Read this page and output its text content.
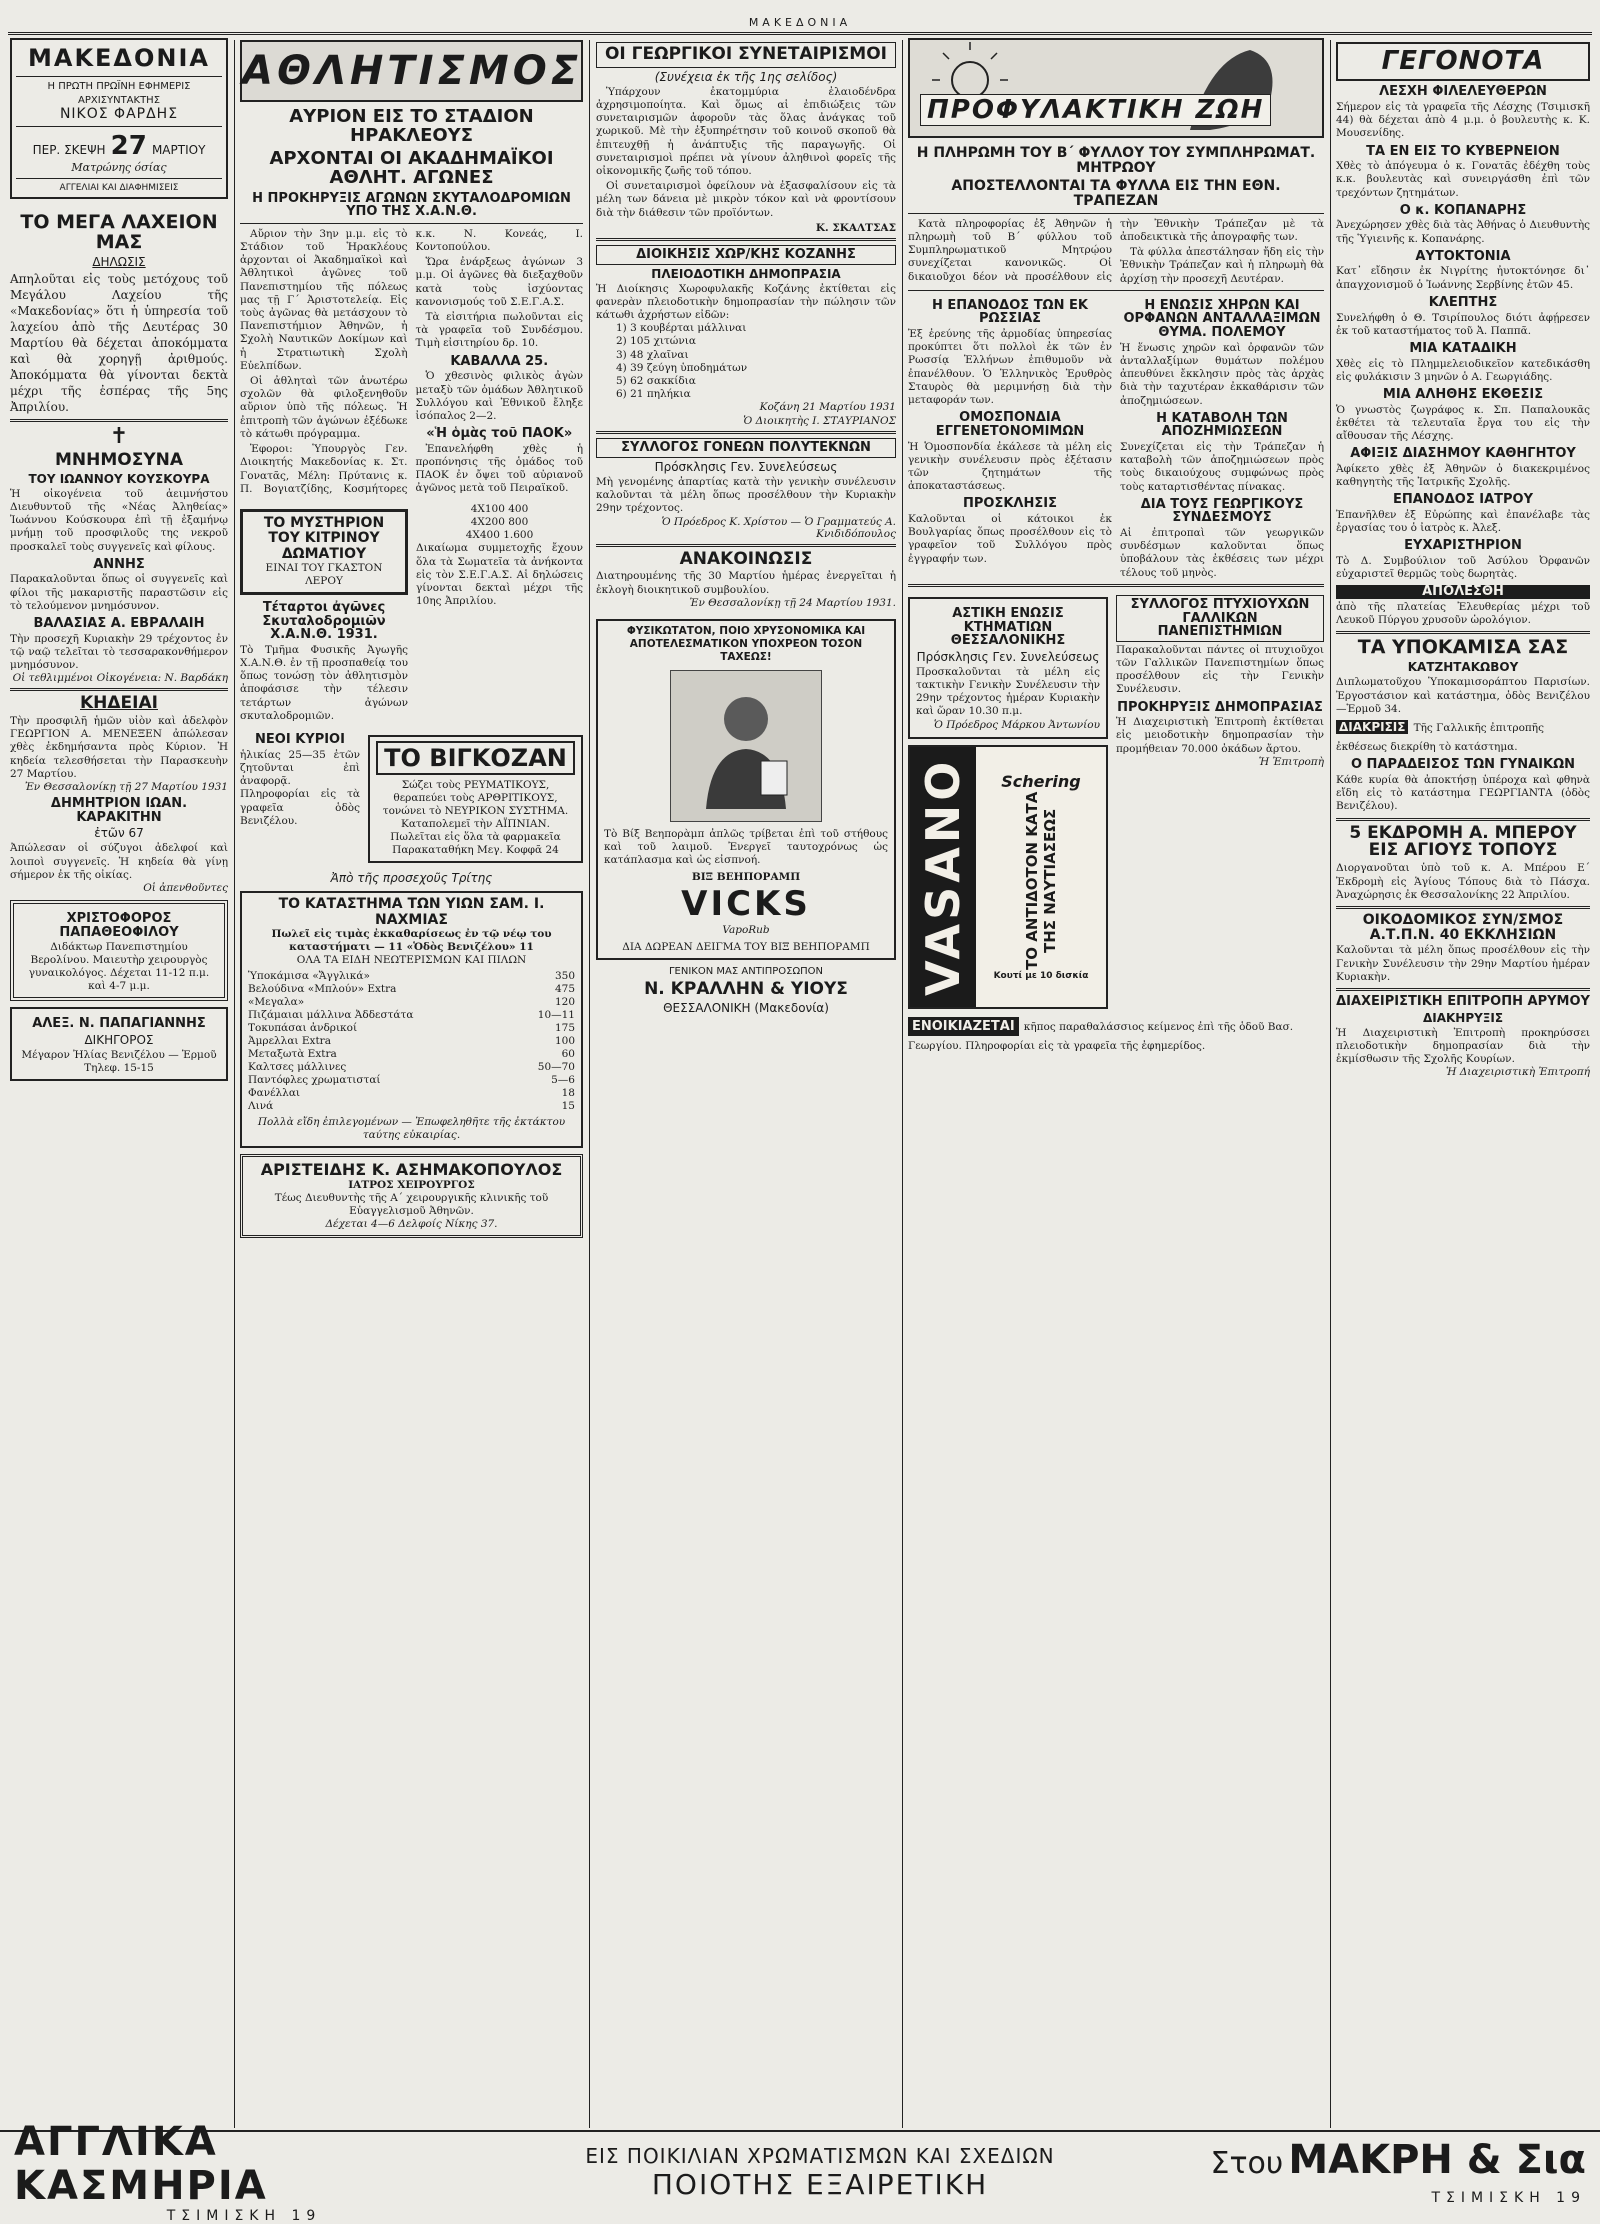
ΜΑΚΕΔΟΝΙΑ
ΜΑΚΕΔΟΝΙΑ
Η ΠΡΩΤΗ ΠΡΩΪΝΗ ΕΦΗΜΕΡΙΣ
ΑΡΧΙΣΥΝΤΑΚΤΗΣ
ΝΙΚΟΣ ΦΑΡΔΗΣ
ΠΕΡ. ΣΚΕΨΗ 27 ΜΑΡΤΙΟΥ
Ματρώνης όσίας
ΑΓΓΕΛΙΑΙ ΚΑΙ ΔΙΑΦΗΜΙΣΕΙΣ
ΤΟ ΜΕΓΑ ΛΑΧΕΙΟΝ ΜΑΣ
ΔΗΛΩΣΙΣ
Απηλοῦται εἰς τοὺς μετόχους τοῦ Μεγάλου Λαχείου τῆς «Μακεδονίας» ὅτι ἡ ὑπηρεσία τοῦ λαχείου ἀπὸ τῆς Δευτέρας 30 Μαρτίου θὰ δέχεται ἀποκόμματα καὶ θὰ χορηγῇ ἀριθμούς. Ἀποκόμματα θὰ γίνονται δεκτὰ μέχρι τῆς ἐσπέρας τῆς 5ης Ἀπριλίου.
✝
ΜΝΗΜΟΣΥΝΑ
ΤΟΥ ΙΩΑΝΝΟΥ ΚΟΥΣΚΟΥΡΑ
Ἡ οἰκογένεια τοῦ ἀειμνήστου Διευθυντοῦ τῆς «Νέας Ἀληθείας» Ἰωάννου Κούσκουρα ἐπὶ τῇ ἐξαμήνῳ μνήμῃ τοῦ προσφιλοῦς της νεκροῦ προσκαλεῖ τοὺς συγγενεῖς καὶ φίλους.
ΑΝΝΗΣ
Παρακαλοῦνται ὅπως οἱ συγγενεῖς καὶ φίλοι τῆς μακαριστῆς παραστῶσιν εἰς τὸ τελούμενον μνημόσυνον.
ΒΑΛΑΣΙΑΣ Α. ΕΒΡΑΛΑΙΗ
Τὴν προσεχῆ Κυριακὴν 29 τρέχοντος ἐν τῷ ναῷ τελεῖται τὸ τεσσαρακονθήμερον μνημόσυνον.
Οἱ τεθλιμμένοι Οἰκογένεια: Ν. Βαρδάκη
ΚΗΔΕΙΑΙ
Τὴν προσφιλῆ ἡμῶν υἱὸν καὶ ἀδελφὸν ΓΕΩΡΓΙΟΝ Α. ΜΕΝΕΞΕΝ ἀπώλεσαν χθὲς ἐκδημήσαντα πρὸς Κύριον. Ἡ κηδεία τελεσθήσεται τὴν Παρασκευὴν 27 Μαρτίου.
Ἐν Θεσσαλονίκῃ τῇ 27 Μαρτίου 1931
ΔΗΜΗΤΡΙΟΝ ΙΩΑΝ. ΚΑΡΑΚΙΤΗΝ
ἐτῶν 67
Ἀπώλεσαν οἱ σύζυγοι ἀδελφοί καὶ λοιποὶ συγγενεῖς. Ἡ κηδεία θὰ γίνῃ σήμερον ἐκ τῆς οἰκίας.
Οἱ ἀπενθοῦντες
ΧΡΙΣΤΟΦΟΡΟΣ ΠΑΠΑΘΕΟΦΙΛΟΥ
Διδάκτωρ Πανεπιστημίου Βερολίνου. Μαιευτὴρ χειρουργὸς γυναικολόγος. Δέχεται 11-12 π.μ. καὶ 4-7 μ.μ.
ΑΛΕΞ. Ν. ΠΑΠΑΓΙΑΝΝΗΣ
ΔΙΚΗΓΟΡΟΣ
Μέγαρον Ἠλίας Βενιζέλου — Ἑρμοῦ Τηλεφ. 15-15
ΑΘΛΗΤΙΣΜΟΣ
ΑΥΡΙΟΝ ΕΙΣ ΤΟ ΣΤΑΔΙΟΝ ΗΡΑΚΛΕΟΥΣ
ΑΡΧΟΝΤΑΙ ΟΙ ΑΚΑΔΗΜΑΪΚΟΙ ΑΘΛΗΤ. ΑΓΩΝΕΣ
Η ΠΡΟΚΗΡΥΞΙΣ ΑΓΩΝΩΝ ΣΚΥΤΑΛΟΔΡΟΜΙΩΝ ΥΠΟ ΤΗΣ Χ.Α.Ν.Θ.

Αὔριον τὴν 3ην μ.μ. εἰς τὸ Στάδιον τοῦ Ἡρακλέους ἀρχονται οἱ Ἀκαδημαϊκοὶ καὶ Ἀθλητικοὶ ἀγῶνες τοῦ Πανεπιστημίου τῆς πόλεως μας τῇ Γ΄ Ἀριστοτελείᾳ. Εἰς τοὺς ἀγῶνας θὰ μετάσχουν τὸ Πανεπιστήμιον Ἀθηνῶν, ἡ Σχολὴ Ναυτικῶν Δοκίμων καὶ ἡ Στρατιωτικὴ Σχολὴ Εὐελπίδων.

Οἱ ἀθληταὶ τῶν ἀνωτέρω σχολῶν θὰ φιλοξενηθοῦν αὔριον ὑπὸ τῆς πόλεως. Ἡ ἐπιτροπὴ τῶν ἀγώνων ἐξέδωκε τὸ κάτωθι πρόγραμμα.

Ἑφοροι: Ὑπουργὸς Γεν. Διοικητής Μακεδονίας κ. Στ. Γονατᾶς, Μέλη: Πρύτανις κ. Π. Βογιατζίδης, Κοσμήτορες κ.κ. Ν. Κονεάς, Ι. Κοντοπούλου.

Ὥρα ἐνάρξεως ἀγώνων 3 μ.μ. Οἱ ἀγῶνες θὰ διεξαχθοῦν κατὰ τοὺς ἰσχύοντας κανονισμούς τοῦ Σ.Ε.Γ.Α.Σ.

Τὰ εἰσιτήρια πωλοῦνται εἰς τὰ γραφεῖα τοῦ Συνδέσμου. Τιμὴ εἰσιτηρίου δρ. 10.

ΚΑΒΑΛΛΑ 25.

Ὁ χθεσινὸς φιλικὸς ἀγὼν μεταξὺ τῶν ὁμάδων Ἀθλητικοῦ Συλλόγου καὶ Ἐθνικοῦ ἔληξε ἰσόπαλος 2—2.

«Ἡ ὁμὰς τοῦ ΠΑΟΚ»

Ἐπανελήφθη χθὲς ἡ προπόνησις τῆς ὁμάδος τοῦ ΠΑΟΚ ἐν ὄψει τοῦ αὐριανοῦ ἀγῶνος μετὰ τοῦ Πειραϊκοῦ.

ΤΟ ΜΥΣΤΗΡΙΟΝ ΤΟΥ ΚΙΤΡΙΝΟΥ ΔΩΜΑΤΙΟΥ
ΕΙΝΑΙ ΤΟΥ ΓΚΑΣΤΟΝ ΛΕΡΟΥ
Τέταρτοι ἀγῶνες Σκυταλοδρομιῶν Χ.Α.Ν.Θ. 1931.
Τὸ Τμῆμα Φυσικῆς Ἀγωγῆς Χ.Α.Ν.Θ. ἐν τῇ προσπαθείᾳ του ὅπως τονώσῃ τὸν ἀθλητισμὸν ἀποφάσισε τὴν τέλεσιν τετάρτων ἀγώνων σκυταλοδρομιῶν.
4Χ100 400
4Χ200 800
4Χ400 1.600
Δικαίωμα συμμετοχῆς ἔχουν ὅλα τὰ Σωματεῖα τὰ ἀνήκοντα εἰς τὸν Σ.Ε.Γ.Α.Σ. Αἱ δηλώσεις γίνονται δεκταὶ μέχρι τῆς 10ης Ἀπριλίου.
ΝΕΟΙ ΚΥΡΙΟΙ
ἡλικίας 25—35 ἐτῶν ζητοῦνται ἐπὶ ἀναφορᾷ. Πληροφορίαι εἰς τὰ γραφεῖα ὁδὸς Βενιζέλου.
ΤΟ ΒΙΓΚΟΖΑΝ
Σώζει τοὺς ΡΕΥΜΑΤΙΚΟΥΣ, θεραπεύει τοὺς ΑΡΘΡΙΤΙΚΟΥΣ, τονώνει τὸ ΝΕΥΡΙΚΟΝ ΣΥΣΤΗΜΑ. Καταπολεμεῖ τὴν ΑΪΠΝΙΑΝ.
Πωλεῖται εἰς ὅλα τὰ φαρμακεῖα
Παρακαταθήκη Μεγ. Κοφφᾶ 24
Ἀπὸ τῆς προσεχοῦς Τρίτης
ΤΟ ΚΑΤΑΣΤΗΜΑ ΤΩΝ ΥΙΩΝ ΣΑΜ. Ι. ΝΑΧΜΙΑΣ
Πωλεῖ εἰς τιμὰς ἐκκαθαρίσεως ἐν τῷ νέῳ του καταστήματι — 11 «Ὁδὸς Βενιζέλου» 11
ΟΛΑ ΤΑ ΕΙΔΗ ΝΕΩΤΕΡΙΣΜΩΝ ΚΑΙ ΠΙΛΩΝ
Ὑποκάμισα «Ἄγγλικά»	350
Βελούδινα «Μπλούν» Extra	475
«Μεγαλα»	120
Πιζάμαιαι μάλλινα Ἀδδεστάτα	10—11
Τοκυπάσαι ἀνδρικοί	175
Ἀμρελλαι Extra	100
Μεταξωτὰ Extra	60
Καλτσες μάλλινες	50—70
Παντόφλες χρωματισταί	5—6
Φανέλλαι	18
Λινά	15
Πολλὰ εἴδη ἐπιλεγομένων — Ἐπωφεληθῆτε τῆς ἐκτάκτου ταύτης εὐκαιρίας.
ΑΡΙΣΤΕΙΔΗΣ Κ. ΑΣΗΜΑΚΟΠΟΥΛΟΣ
ΙΑΤΡΟΣ ΧΕΙΡΟΥΡΓΟΣ
Τέως Διευθυντὴς τῆς Α΄ χειρουργικῆς κλινικῆς τοῦ Εὐαγγελισμοῦ Ἀθηνῶν.
Δέχεται 4—6 Δελφοίς Νίκης 37.
ΟΙ ΓΕΩΡΓΙΚΟΙ ΣΥΝΕΤΑΙΡΙΣΜΟΙ
(Συνέχεια ἐκ τῆς 1ης σελίδος)

Ὑπάρχουν ἐκατομμύρια ἐλαιοδένδρα ἀχρησιμοποίητα. Καὶ ὅμως αἱ ἐπιδιώξεις τῶν συνεταιρισμῶν ἀφοροῦν τὰς ὅλας ἀνάγκας τοῦ χωρικοῦ. Μὲ τὴν ἐξυπηρέτησιν τοῦ κοινοῦ σκοποῦ θὰ ἐπιτευχθῇ ἡ ἀνάπτυξις τῆς παραγωγῆς. Οἱ συνεταιρισμοὶ πρέπει νὰ γίνουν ἀληθινοὶ φορεῖς τῆς οἰκονομικῆς ζωῆς τοῦ τόπου.

Οἱ συνεταιρισμοὶ ὀφείλουν νὰ ἐξασφαλίσουν εἰς τὰ μέλη των δάνεια μὲ μικρὸν τόκον καὶ νὰ φροντίσουν διὰ τὴν διάθεσιν τῶν προϊόντων.

Κ. ΣΚΑΛΤΣΑΣ
ΔΙΟΙΚΗΣΙΣ ΧΩΡ/ΚΗΣ ΚΟΖΑΝΗΣ
ΠΛΕΙΟΔΟΤΙΚΗ ΔΗΜΟΠΡΑΣΙΑ
Ἡ Διοίκησις Χωροφυλακῆς Κοζάνης ἐκτίθεται εἰς φανερὰν πλειοδοτικὴν δημοπρασίαν τὴν πώλησιν τῶν κάτωθι ἀχρήστων εἰδῶν:
1) 3 κουβέρται μάλλιναι
2) 105 χιτώνια
3) 48 χλαῖναι
4) 39 ζεύγη ὑποδημάτων
5) 62 σακκίδια
6) 21 πηλήκια
Κοζάνη 21 Μαρτίου 1931
Ὁ Διοικητὴς Ι. ΣΤΑΥΡΙΑΝΟΣ
ΣΥΛΛΟΓΟΣ ΓΟΝΕΩΝ ΠΟΛΥΤΕΚΝΩΝ
Πρόσκλησις Γεν. Συνελεύσεως
Μὴ γενομένης ἀπαρτίας κατὰ τὴν γενικὴν συνέλευσιν καλοῦνται τὰ μέλη ὅπως προσέλθουν τὴν Κυριακὴν 29ην τρέχοντος.
Ὁ Πρόεδρος Κ. Χρίστου — Ὁ Γραμματεύς Α. Κνιδιδόπουλος
ΑΝΑΚΟΙΝΩΣΙΣ
Διατηρουμένης τῆς 30 Μαρτίου ἡμέρας ἐνεργεῖται ἡ ἐκλογὴ διοικητικοῦ συμβουλίου.
Ἐν Θεσσαλονίκῃ τῇ 24 Μαρτίου 1931.
ΦΥΣΙΚΩΤΑΤΟΝ, ΠΟΙΟ ΧΡΥΣΟΝΟΜΙΚΑ ΚΑΙ ΑΠΟΤΕΛΕΣΜΑΤΙΚΟΝ ΥΠΟΧΡΕΟΝ ΤΟΣΟΝ ΤΑΧΕΩΣ!
Τὸ Βίξ Βεηπορὰμπ ἀπλῶς τρίβεται ἐπὶ τοῦ στήθους καὶ τοῦ λαιμοῦ. Ἐνεργεῖ ταυτοχρόνως ὡς κατάπλασμα καὶ ὡς εἰσπνοή.
ΒΙΞ ΒΕΗΠΟΡΑΜΠ
VICKS
VapoRub
ΔΙΑ ΔΩΡΕΑΝ ΔΕΙΓΜΑ ΤΟΥ ΒΙΞ ΒΕΗΠΟΡΑΜΠ
ΓΕΝΙΚΟΝ ΜΑΣ ΑΝΤΙΠΡΟΣΩΠΟΝ
Ν. ΚΡΑΛΛΗΝ & ΥΙΟΥΣ
ΘΕΣΣΑΛΟΝΙΚΗ (Μακεδονία)
ΠΡΟΦΥΛΑΚΤΙΚΗ ΖΩΗ
Η ΠΛΗΡΩΜΗ ΤΟΥ Β΄ ΦΥΛΛΟΥ ΤΟΥ ΣΥΜΠΛΗΡΩΜΑΤ. ΜΗΤΡΩΟΥ
ΑΠΟΣΤΕΛΛΟΝΤΑΙ ΤΑ ΦΥΛΛΑ ΕΙΣ ΤΗΝ ΕΘΝ. ΤΡΑΠΕΖΑΝ

Κατὰ πληροφορίας ἐξ Ἀθηνῶν ἡ πληρωμὴ τοῦ Β΄ φύλλου τοῦ Συμπληρωματικοῦ Μητρῴου συνεχίζεται κανονικῶς. Οἱ δικαιοῦχοι δέον νὰ προσέλθουν εἰς τὴν Ἐθνικὴν Τράπεζαν μὲ τὰ ἀποδεικτικὰ τῆς ἀπογραφῆς των.

Τὰ φύλλα ἀπεστάλησαν ἤδη εἰς τὴν Ἐθνικὴν Τράπεζαν καὶ ἡ πληρωμὴ θὰ ἀρχίσῃ τὴν προσεχῆ Δευτέραν.

Η ΕΠΑΝΟΔΟΣ ΤΩΝ ΕΚ ΡΩΣΣΙΑΣ
Ἐξ ἐρεύνης τῆς ἀρμοδίας ὑπηρεσίας προκύπτει ὅτι πολλοὶ ἐκ τῶν ἐν Ρωσσίᾳ Ἑλλήνων ἐπιθυμοῦν νὰ ἐπανέλθουν. Ὁ Ἑλληνικὸς Ἐρυθρὸς Σταυρὸς θὰ μεριμνήσῃ διὰ τὴν μεταφοράν των.
ΟΜΟΣΠΟΝΔΙΑ ΕΓΓΕΝΕΤΟΝΟΜΙΜΩΝ
Ἡ Ὁμοσπονδία ἐκάλεσε τὰ μέλη εἰς γενικὴν συνέλευσιν πρὸς ἐξέτασιν τῶν ζητημάτων τῆς ἀποκαταστάσεως.
ΠΡΟΣΚΛΗΣΙΣ
Καλοῦνται οἱ κάτοικοι ἐκ Βουλγαρίας ὅπως προσέλθουν εἰς τὸ γραφεῖον τοῦ Συλλόγου πρὸς ἐγγραφήν των.
Η ΕΝΩΣΙΣ ΧΗΡΩΝ ΚΑΙ ΟΡΦΑΝΩΝ ΑΝΤΑΛΛΑΞΙΜΩΝ ΘΥΜΑ. ΠΟΛΕΜΟΥ
Ἡ ἕνωσις χηρῶν καὶ ὀρφανῶν τῶν ἀνταλλαξίμων θυμάτων πολέμου ἀπευθύνει ἔκκλησιν πρὸς τὰς ἀρχὰς διὰ τὴν ταχυτέραν ἐκκαθάρισιν τῶν ἀποζημιώσεων.
Η ΚΑΤΑΒΟΛΗ ΤΩΝ ΑΠΟΖΗΜΙΩΣΕΩΝ
Συνεχίζεται εἰς τὴν Τράπεζαν ἡ καταβολὴ τῶν ἀποζημιώσεων πρὸς τοὺς δικαιούχους συμφώνως πρὸς τοὺς καταρτισθέντας πίνακας.
ΔΙΑ ΤΟΥΣ ΓΕΩΡΓΙΚΟΥΣ ΣΥΝΔΕΣΜΟΥΣ
Αἱ ἐπιτροπαὶ τῶν γεωργικῶν συνδέσμων καλοῦνται ὅπως ὑποβάλουν τὰς ἐκθέσεις των μέχρι τέλους τοῦ μηνὸς.
ΑΣΤΙΚΗ ΕΝΩΣΙΣ ΚΤΗΜΑΤΙΩΝ ΘΕΣΣΑΛΟΝΙΚΗΣ
Πρόσκλησις Γεν. Συνελεύσεως
Προσκαλοῦνται τὰ μέλη εἰς τακτικὴν Γενικὴν Συνέλευσιν τὴν 29ην τρέχοντος ἡμέραν Κυριακὴν καὶ ὥραν 10.30 π.μ.
Ὁ Πρόεδρος Μάρκου Ἀντωνίου
VASANO	Schering
ΤΟ ΑΝΤΙΔΟΤΟΝ ΚΑΤΑ ΤΗΣ ΝΑΥΤΙΑΣΕΩΣ
Κουτί με 10 δισκία
ΣΥΛΛΟΓΟΣ ΠΤΥΧΙΟΥΧΩΝ ΓΑΛΛΙΚΩΝ ΠΑΝΕΠΙΣΤΗΜΙΩΝ
Παρακαλοῦνται πάντες οἱ πτυχιοῦχοι τῶν Γαλλικῶν Πανεπιστημίων ὅπως προσέλθουν εἰς τὴν Γενικὴν Συνέλευσιν.
ΠΡΟΚΗΡΥΞΙΣ ΔΗΜΟΠΡΑΣΙΑΣ
Ἡ Διαχειριστικὴ Ἐπιτροπὴ ἐκτίθεται εἰς μειοδοτικὴν δημοπρασίαν τὴν προμήθειαν 70.000 ὀκάδων ἄρτου.
Ἡ Ἐπιτροπὴ
ΕΝΟΙΚΙΑΖΕΤΑΙ κῆπος παραθαλάσσιος κείμενος ἐπὶ τῆς ὁδοῦ Βασ. Γεωργίου. Πληροφορίαι εἰς τὰ γραφεῖα τῆς ἐφημερίδος.
ΓΕΓΟΝΟΤΑ
ΛΕΣΧΗ ΦΙΛΕΛΕΥΘΕΡΩΝ
Σήμερον εἰς τὰ γραφεῖα τῆς Λέσχης (Τσιμισκῆ 44) θὰ δέχεται ἀπὸ 4 μ.μ. ὁ βουλευτὴς κ. Κ. Μουσενίδης.
ΤΑ ΕΝ ΕΙΣ ΤΟ ΚΥΒΕΡΝΕΙΟΝ
Χθὲς τὸ ἀπόγευμα ὁ κ. Γονατᾶς ἐδέχθη τοὺς κ.κ. βουλευτὰς καὶ συνειργάσθη ἐπὶ τῶν τρεχόντων ζητημάτων.
Ο κ. ΚΟΠΑΝΑΡΗΣ
Ἀνεχώρησεν χθὲς διὰ τὰς Ἀθήνας ὁ Διευθυντὴς τῆς Ὑγιεινῆς κ. Κοπανάρης.
ΑΥΤΟΚΤΟΝΙΑ
Κατ᾽ εἴδησιν ἐκ Νιγρίτης ἠυτοκτόνησε δι᾽ ἀπαγχονισμοῦ ὁ Ἰωάννης Σερβίνης ἐτῶν 45.
ΚΛΕΠΤΗΣ
Συνελήφθη ὁ Θ. Τσιρίπουλος διότι ἀφῄρεσεν ἐκ τοῦ καταστήματος τοῦ Ἀ. Παππᾶ.
ΜΙΑ ΚΑΤΑΔΙΚΗ
Χθὲς εἰς τὸ Πλημμελειοδικεῖον κατεδικάσθη εἰς φυλάκισιν 3 μηνῶν ὁ Α. Γεωργιάδης.
ΜΙΑ ΑΛΗΘΗΣ ΕΚΘΕΣΙΣ
Ὁ γνωστὸς ζωγράφος κ. Σπ. Παπαλουκᾶς ἐκθέτει τὰ τελευταῖα ἔργα του εἰς τὴν αἴθουσαν τῆς Λέσχης.
ΑΦΙΞΙΣ ΔΙΑΣΗΜΟΥ ΚΑΘΗΓΗΤΟΥ
Ἀφίκετο χθὲς ἐξ Ἀθηνῶν ὁ διακεκριμένος καθηγητὴς τῆς Ἰατρικῆς Σχολῆς.
ΕΠΑΝΟΔΟΣ ΙΑΤΡΟΥ
Ἐπανῆλθεν ἐξ Εὐρώπης καὶ ἐπανέλαβε τὰς ἐργασίας του ὁ ἰατρὸς κ. Ἀλεξ.
ΕΥΧΑΡΙΣΤΗΡΙΟΝ
Τὸ Δ. Συμβούλιον τοῦ Ἀσύλου Ὀρφανῶν εὐχαριστεῖ θερμῶς τοὺς δωρητὰς.
ΑΠΟΛΕΣΘΗ
ἀπὸ τῆς πλατείας Ἐλευθερίας μέχρι τοῦ Λευκοῦ Πύργου χρυσοῦν ὡρολόγιον.
ΤΑ ΥΠΟΚΑΜΙΣΑ ΣΑΣ
ΚΑΤΖΗΤΑΚΩΒΟΥ
Διπλωματοῦχου Ὑποκαμισοράπτου Παρισίων. Ἐργοστάσιον καὶ κατάστημα, ὁδὸς Βενιζέλου—Ἑρμοῦ 34.
ΔΙΑΚΡΙΣΙΣ Τῆς Γαλλικῆς ἐπιτροπῆς ἐκθέσεως διεκρίθη τὸ κατάστημα.
Ο ΠΑΡΑΔΕΙΣΟΣ ΤΩΝ ΓΥΝΑΙΚΩΝ
Κάθε κυρία θὰ ἀποκτήσῃ ὑπέροχα καὶ φθηνὰ εἴδη εἰς τὸ κατάστημα ΓΕΩΡΓΙΑΝΤΑ (ὁδὸς Βενιζέλου).
5 ΕΚΔΡΟΜΗ Α. ΜΠΕΡΟΥ ΕΙΣ ΑΓΙΟΥΣ ΤΟΠΟΥΣ
Διοργανοῦται ὑπὸ τοῦ κ. Α. Μπέρου Ε΄ Ἐκδρομὴ εἰς Ἁγίους Τόπους διὰ τὸ Πάσχα. Ἀναχώρησις ἐκ Θεσσαλονίκης 22 Ἀπριλίου.
ΟΙΚΟΔΟΜΙΚΟΣ ΣΥΝ/ΣΜΟΣ Α.Τ.Π.Ν. 40 ΕΚΚΛΗΣΙΩΝ
Καλοῦνται τὰ μέλη ὅπως προσέλθουν εἰς τὴν Γενικὴν Συνέλευσιν τὴν 29ην Μαρτίου ἡμέραν Κυριακὴν.
ΔΙΑΧΕΙΡΙΣΤΙΚΗ ΕΠΙΤΡΟΠΗ ΑΡΥΜΟΥ
ΔΙΑΚΗΡΥΞΙΣ
Ἡ Διαχειριστικὴ Ἐπιτροπὴ προκηρύσσει πλειοδοτικὴν δημοπρασίαν διὰ τὴν ἐκμίσθωσιν τῆς Σχολῆς Κουρίων.
Ἡ Διαχειριστικὴ Ἐπιτροπή
ΑΓΓΛΙΚΑ ΚΑΣΜΗΡΙΑ
ΤΣΙΜΙΣΚΗ 19
ΕΙΣ ΠΟΙΚΙΛΙΑΝ ΧΡΩΜΑΤΙΣΜΩΝ ΚΑΙ ΣΧΕΔΙΩΝ
ΠΟΙΟΤΗΣ ΕΞΑΙΡΕΤΙΚΗ
Στου ΜΑΚΡΗ & Σια
ΤΣΙΜΙΣΚΗ 19
